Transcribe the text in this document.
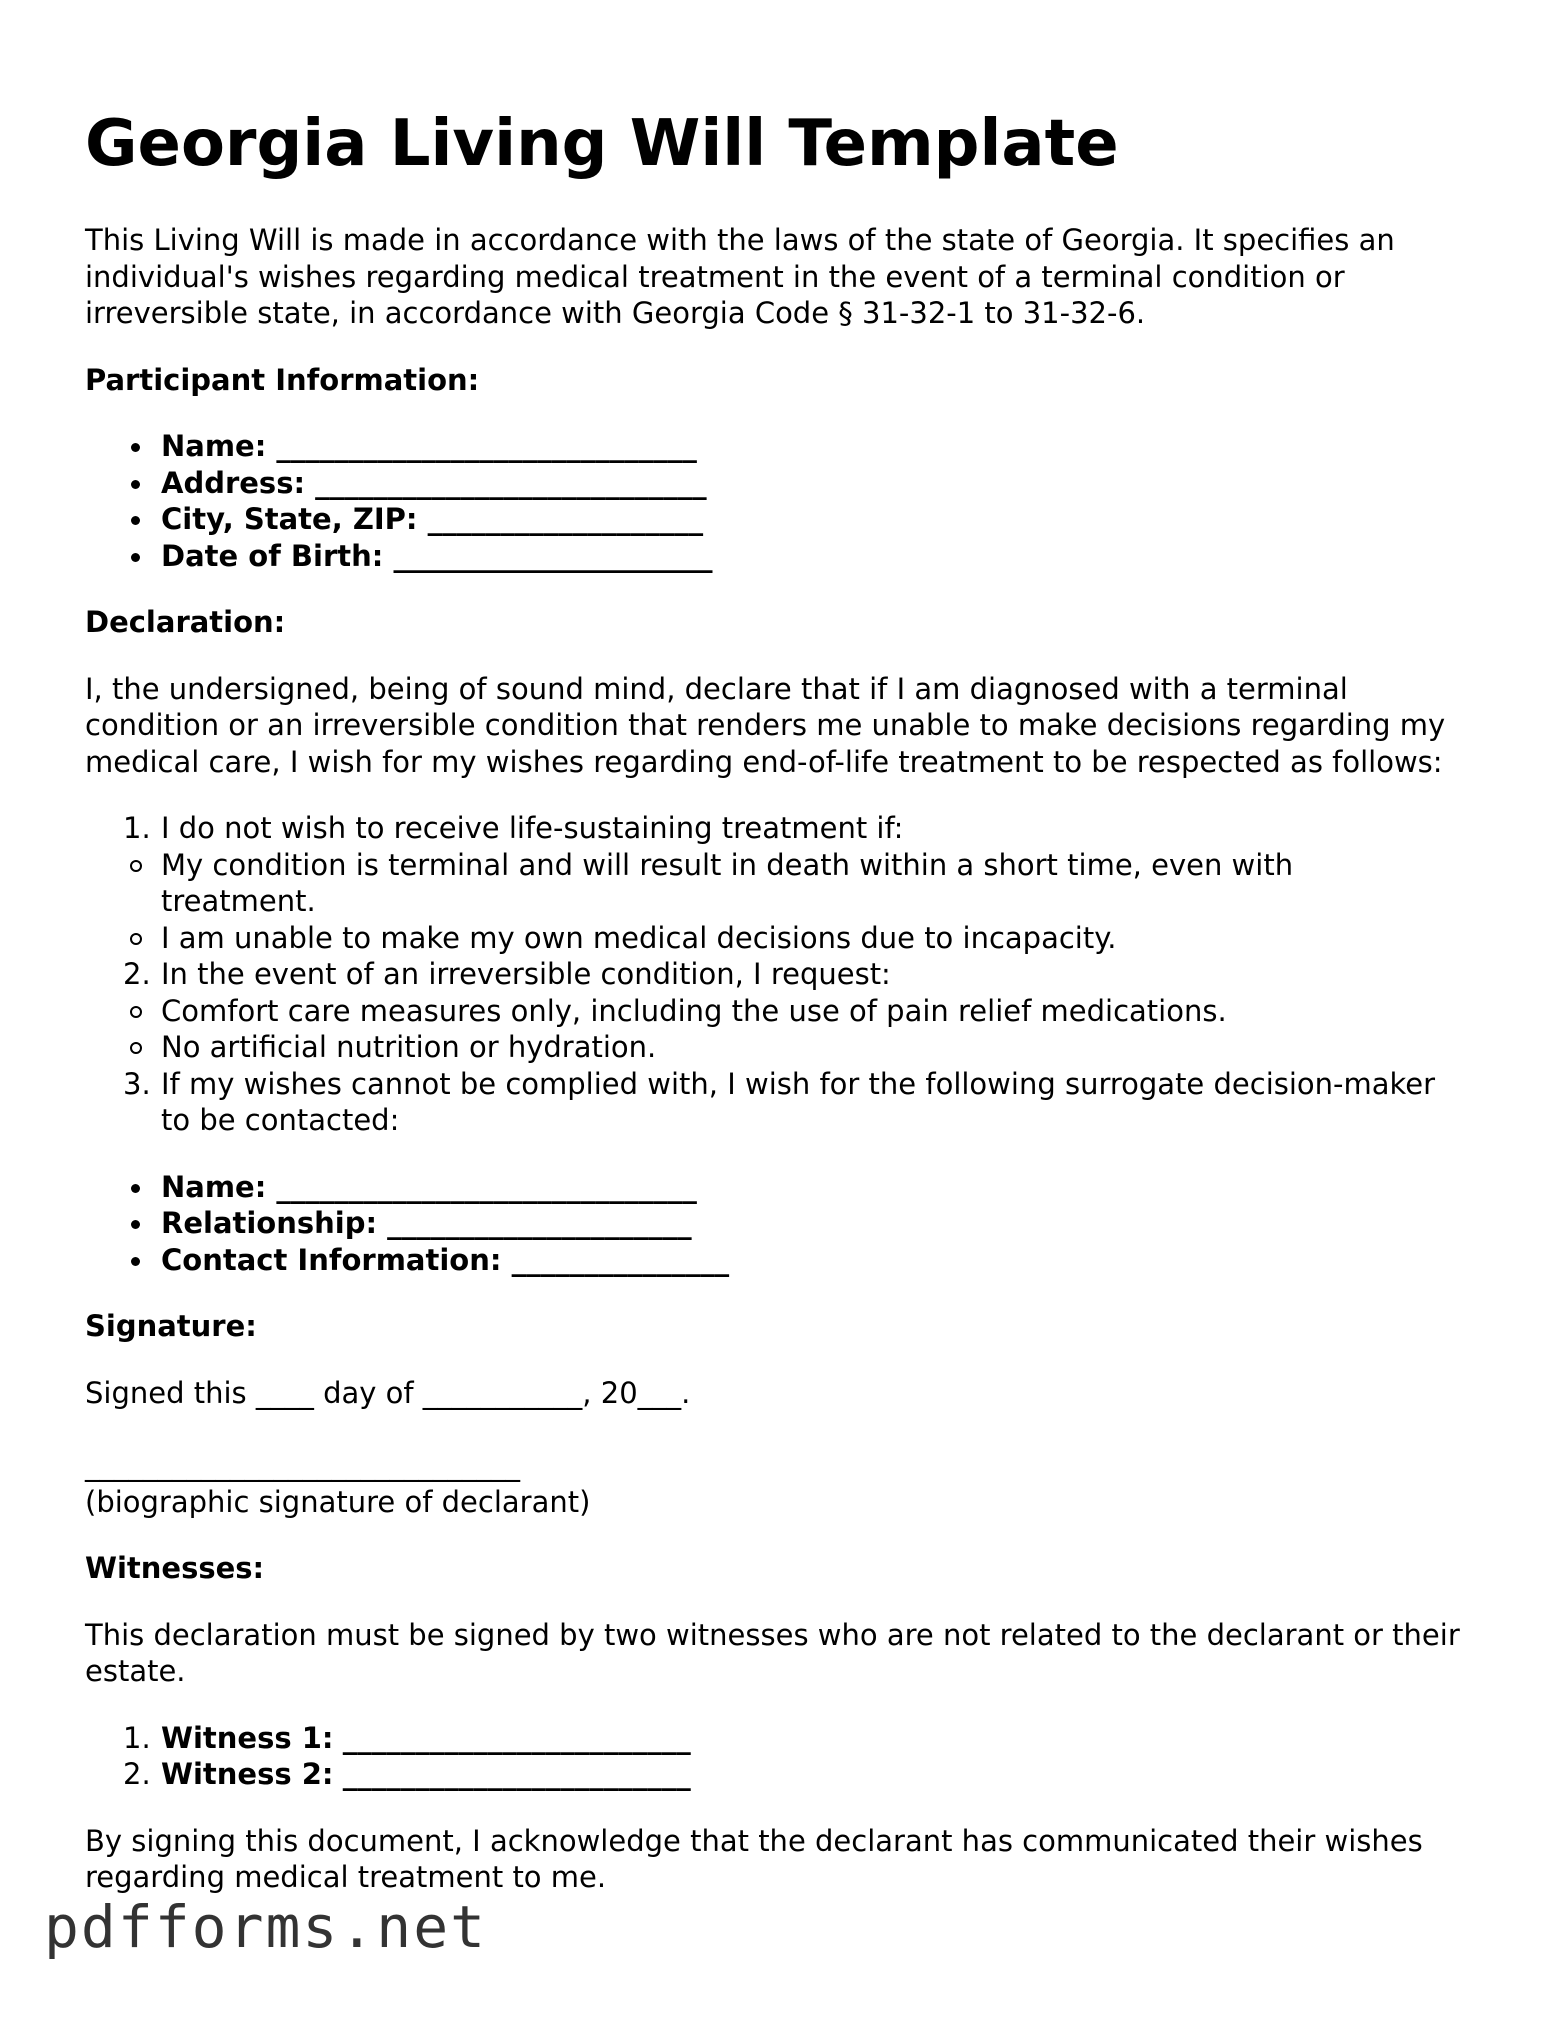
Georgia Living Will Template

This Living Will is made in accordance with the laws of the state of Georgia. It specifies an individual's wishes regarding medical treatment in the event of a terminal condition or irreversible state, in accordance with Georgia Code § 31-32-1 to 31-32-6.

Participant Information:
Name: _____________________________
Address: ___________________________
City, State, ZIP: ___________________
Date of Birth: ______________________
Declaration:

I, the undersigned, being of sound mind, declare that if I am diagnosed with a terminal condition or an irreversible condition that renders me unable to make decisions regarding my medical care, I wish for my wishes regarding end-of-life treatment to be respected as follows:

1. I do not wish to receive life-sustaining treatment if:
My condition is terminal and will result in death within a short time, even with treatment.
I am unable to make my own medical decisions due to incapacity.
2. In the event of an irreversible condition, I request:
Comfort care measures only, including the use of pain relief medications.
No artificial nutrition or hydration.
3. If my wishes cannot be complied with, I wish for the following surrogate decision-maker to be contacted:
Name: _____________________________
Relationship: _____________________
Contact Information: _______________
Signature:

Signed this ____ day of ___________, 20___.

______________________________
(biographic signature of declarant)
Witnesses:

This declaration must be signed by two witnesses who are not related to the declarant or their estate.

1. Witness 1: ________________________
2. Witness 2: ________________________

By signing this document, I acknowledge that the declarant has communicated their wishes regarding medical treatment to me.

pdfforms.net
